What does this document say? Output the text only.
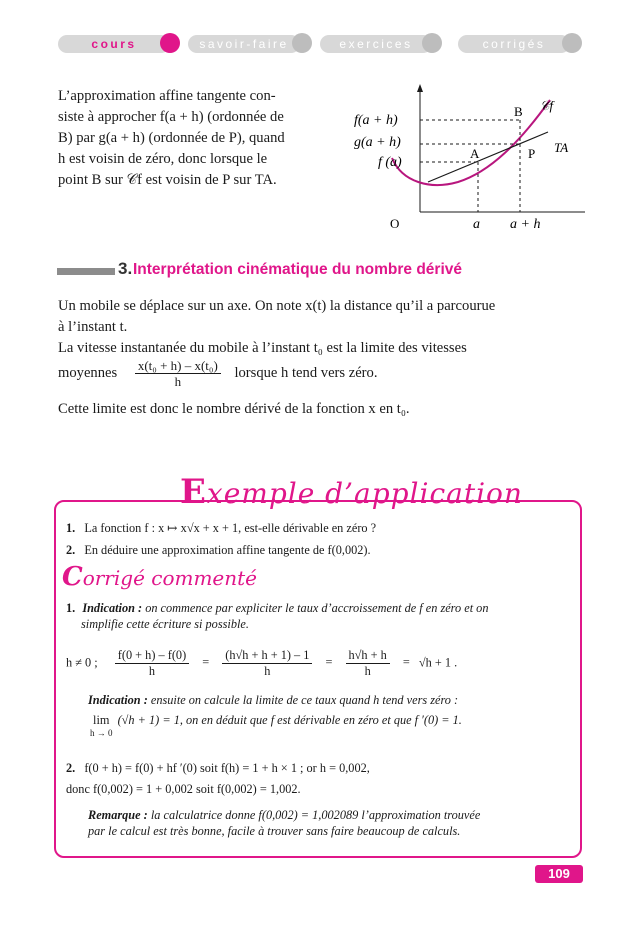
cours	savoir-faire	exercices	corrigés
L’approximation affine tangente con-
siste à approcher f(a + h) (ordonnée de
B) par g(a + h) (ordonnée de P), quand
h est voisin de zéro, donc lorsque le
point B sur 𝒞f est voisin de P sur TA.
f(a + h)
g(a + h)
f (a)
B 𝒞f
TA
A	P
O	a a + h
3. Interprétation cinématique du nombre dérivé
Un mobile se déplace sur un axe. On note x(t) la distance qu’il a parcourue
à l’instant t.
La vitesse instantanée du mobile à l’instant t₀ est la limite des vitesses
moyennes $\frac{\text{x(t₀ + h) – x(t₀)}}{h}$ lorsque h tend vers zéro.
Cette limite est donc le nombre dérivé de la fonction x en t₀.
Exemple d’application
1. La fonction f : x ↦ x√x + x + 1, est-elle dérivable en zéro ?
2. En déduire une approximation affine tangente de f(0,002).
Corrigé commenté
1. Indication : on commence par expliciter le taux d’accroissement de f en zéro et on
simplifie cette écriture si possible.
h ≠ 0 ; $\frac{f(0 + h) - f(0)}{h} = \frac{(h√h + h + 1) - 1}{h} = \frac{h√h + h}{h} = √h + 1$ .
Indication : ensuite on calcule la limite de ce taux quand h tend vers zéro :
lim
h → 0
(√h + 1) = 1, on en déduit que f est dérivable en zéro et que f ′(0) = 1.
2. f(0 + h) = f(0) + hf ′(0) soit f(h) = 1 + h × 1 ; or h = 0,002,
donc f(0,002) = 1 + 0,002 soit f(0,002) = 1,002.
Remarque : la calculatrice donne f(0,002) = 1,002089 l’approximation trouvée
par le calcul est très bonne, facile à trouver sans faire beaucoup de calculs.
109
